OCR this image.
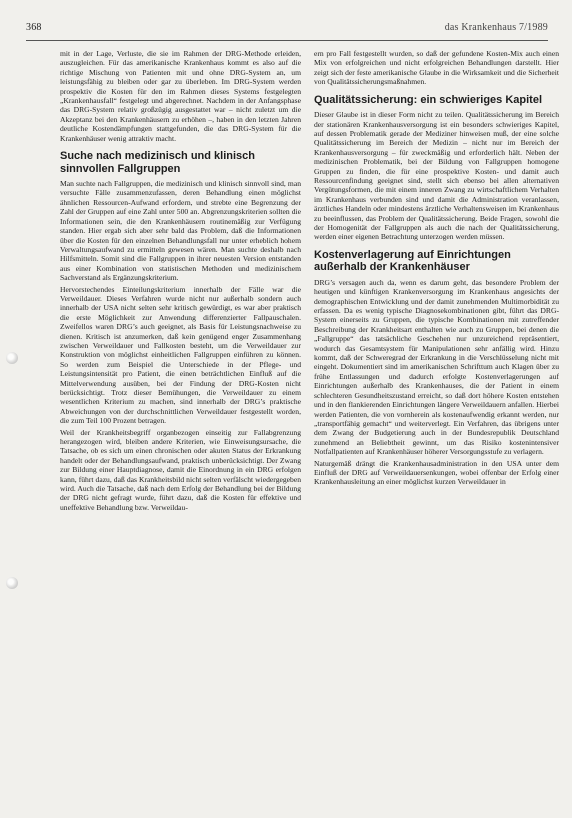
368	das Krankenhaus 7/1989

mit in der Lage, Verluste, die sie im Rahmen der DRG-Methode erleiden, auszugleichen. Für das amerikanische Krankenhaus kommt es also auf die richtige Mischung von Patienten mit und ohne DRG-System an, um leistungsfähig zu bleiben oder gar zu überleben. Im DRG-System werden prospektiv die Kosten für den im Rahmen dieses Systems festgelegten „Krankenhausfall“ festgelegt und abgerechnet. Nachdem in der Anfangsphase das DRG-System relativ großzügig ausgestattet war – nicht zuletzt um die Akzeptanz bei den Krankenhäusern zu erhöhen –, haben in den letzten Jahren deutliche Kostendämpfungen stattgefunden, die das DRG-System für die Krankenhäuser wenig attraktiv macht.

Suche nach medizinisch und klinisch
sinnvollen Fallgruppen

Man suchte nach Fallgruppen, die medizinisch und klinisch sinnvoll sind, man versuchte Fälle zusammenzufassen, deren Behandlung einen möglichst ähnlichen Ressourcen-Aufwand erfordern, und strebte eine Begrenzung der Zahl der Gruppen auf eine Zahl unter 500 an. Abgrenzungskriterien sollten die Informationen sein, die den Krankenhäusern routinemäßig zur Verfügung standen. Hier ergab sich aber sehr bald das Problem, daß die Informationen über die Kosten für den einzelnen Behandlungsfall nur unter erheblich hohem Verwaltungsaufwand zu ermitteln gewesen wären. Man suchte deshalb nach Hilfsmitteln. Somit sind die Fallgruppen in ihrer neuesten Version entstanden aus einer Kombination von statistischen Methoden und medizinischem Sachverstand als Ergänzungskriterium.

Hervorstechendes Einteilungskriterium innerhalb der Fälle war die Verweildauer. Dieses Verfahren wurde nicht nur außerhalb sondern auch innerhalb der USA nicht selten sehr kritisch gewürdigt, es war aber praktisch die erste Möglichkeit zur Anwendung differenzierter Fallpauschalen. Zweifellos waren DRG’s auch geeignet, als Basis für Leistungsnachweise zu dienen. Kritisch ist anzumerken, daß kein genügend enger Zusammenhang zwischen Verweildauer und Fallkosten besteht, um die Verweildauer zur Konstruktion von möglichst einheitlichen Fallgruppen einführen zu können. So werden zum Beispiel die Unterschiede in der Pflege- und Leistungsintensität pro Patient, die einen beträchtlichen Einfluß auf die Mittelverwendung ausüben, bei der Findung der DRG-Kosten nicht berücksichtigt. Trotz dieser Bemühungen, die Verweildauer zu einem wesentlichen Kriterium zu machen, sind innerhalb der DRG’s praktische Abweichungen von der durchschnittlichen Verweildauer festgestellt worden, die zum Teil 100 Prozent betragen.

Weil der Krankheitsbegriff organbezogen einseitig zur Fallabgrenzung herangezogen wird, bleiben andere Kriterien, wie Einweisungsursache, die Tatsache, ob es sich um einen chronischen oder akuten Status der Erkrankung handelt oder der Behandlungsaufwand, praktisch unberücksichtigt. Der Zwang zur Bildung einer Hauptdiagnose, damit die Einordnung in ein DRG erfolgen kann, führt dazu, daß das Krankheitsbild nicht selten verfälscht wiedergegeben wird. Auch die Tatsache, daß nach dem Erfolg der Behandlung bei der Bildung der DRG nicht gefragt wurde, führt dazu, daß die Kosten für effektive und uneffektive Behandlung bzw. Verweildau-

ern pro Fall festgestellt wurden, so daß der gefundene Kosten-Mix auch einen Mix von erfolgreichen und nicht erfolgreichen Behandlungen darstellt. Hier zeigt sich der feste amerikanische Glaube in die Wirksamkeit und die Sicherheit von Qualitätssicherungsmaßnahmen.

Qualitätssicherung: ein schwieriges Kapitel

Dieser Glaube ist in dieser Form nicht zu teilen. Qualitätssicherung im Bereich der stationären Krankenhausversorgung ist ein besonders schwieriges Kapitel, auf dessen Problematik gerade der Mediziner hinweisen muß, der eine solche Qualitätssicherung im Bereich der Medizin – nicht nur im Bereich der Krankenhausversorgung – für zweckmäßig und erforderlich hält. Neben der medizinischen Problematik, bei der Bildung von Fallgruppen homogene Gruppen zu finden, die für eine prospektive Kosten- und damit auch Ressourcenfindung geeignet sind, stellt sich ebenso bei allen alternativen Vergütungsformen, die mit einem inneren Zwang zu wirtschaftlichem Verhalten im Krankenhaus verbunden sind und damit die Administration veranlassen, ärztliches Handeln oder mindestens ärztliche Verhaltensweisen im Krankenhaus zu beeinflussen, das Problem der Qualitätssicherung. Beide Fragen, sowohl die der Homogenität der Fallgruppen als auch die nach der Qualitätssicherung, werden einer eigenen Betrachtung unterzogen werden müssen.

Kostenverlagerung auf Einrichtungen
außerhalb der Krankenhäuser

DRG’s versagen auch da, wenn es darum geht, das besondere Problem der heutigen und künftigen Krankenversorgung im Krankenhaus angesichts der demographischen Entwicklung und der damit zunehmenden Multimorbidität zu erfassen. Da es wenig typische Diagnosekombinationen gibt, führt das DRG-System einerseits zu Gruppen, die typische Kombinationen mit zutreffender Beschreibung der Krankheitsart enthalten wie auch zu Gruppen, bei denen die „Fallgruppe“ das tatsächliche Geschehen nur unzureichend repräsentiert, wodurch das Gesamtsystem für Manipulationen sehr anfällig wird. Hinzu kommt, daß der Schweregrad der Erkrankung in die Verschlüsselung nicht mit eingeht. Dokumentiert sind im amerikanischen Schrifttum auch Klagen über zu frühe Entlassungen und dadurch erfolgte Kostenverlagerungen auf Einrichtungen außerhalb des Krankenhauses, die der Patient in einem schlechteren Gesundheitszustand erreicht, so daß dort höhere Kosten entstehen und in den flankierenden Einrichtungen längere Verweildauern anfallen. Hierbei werden Patienten, die von vornherein als kostenaufwendig erkannt werden, nur „transportfähig gemacht“ und weiterverlegt. Ein Verfahren, das übrigens unter dem Zwang der Budgetierung auch in der Bundesrepublik Deutschland zunehmend an Beliebtheit gewinnt, um das Risiko kostenintensiver Notfallpatienten auf Krankenhäuser höherer Versorgungsstufe zu verlagern.

Naturgemäß drängt die Krankenhausadministration in den USA unter dem Einfluß der DRG auf Verweildauersenkungen, wobei offenbar der Erfolg einer Krankenhausleitung an einer möglichst kurzen Verweildauer in
